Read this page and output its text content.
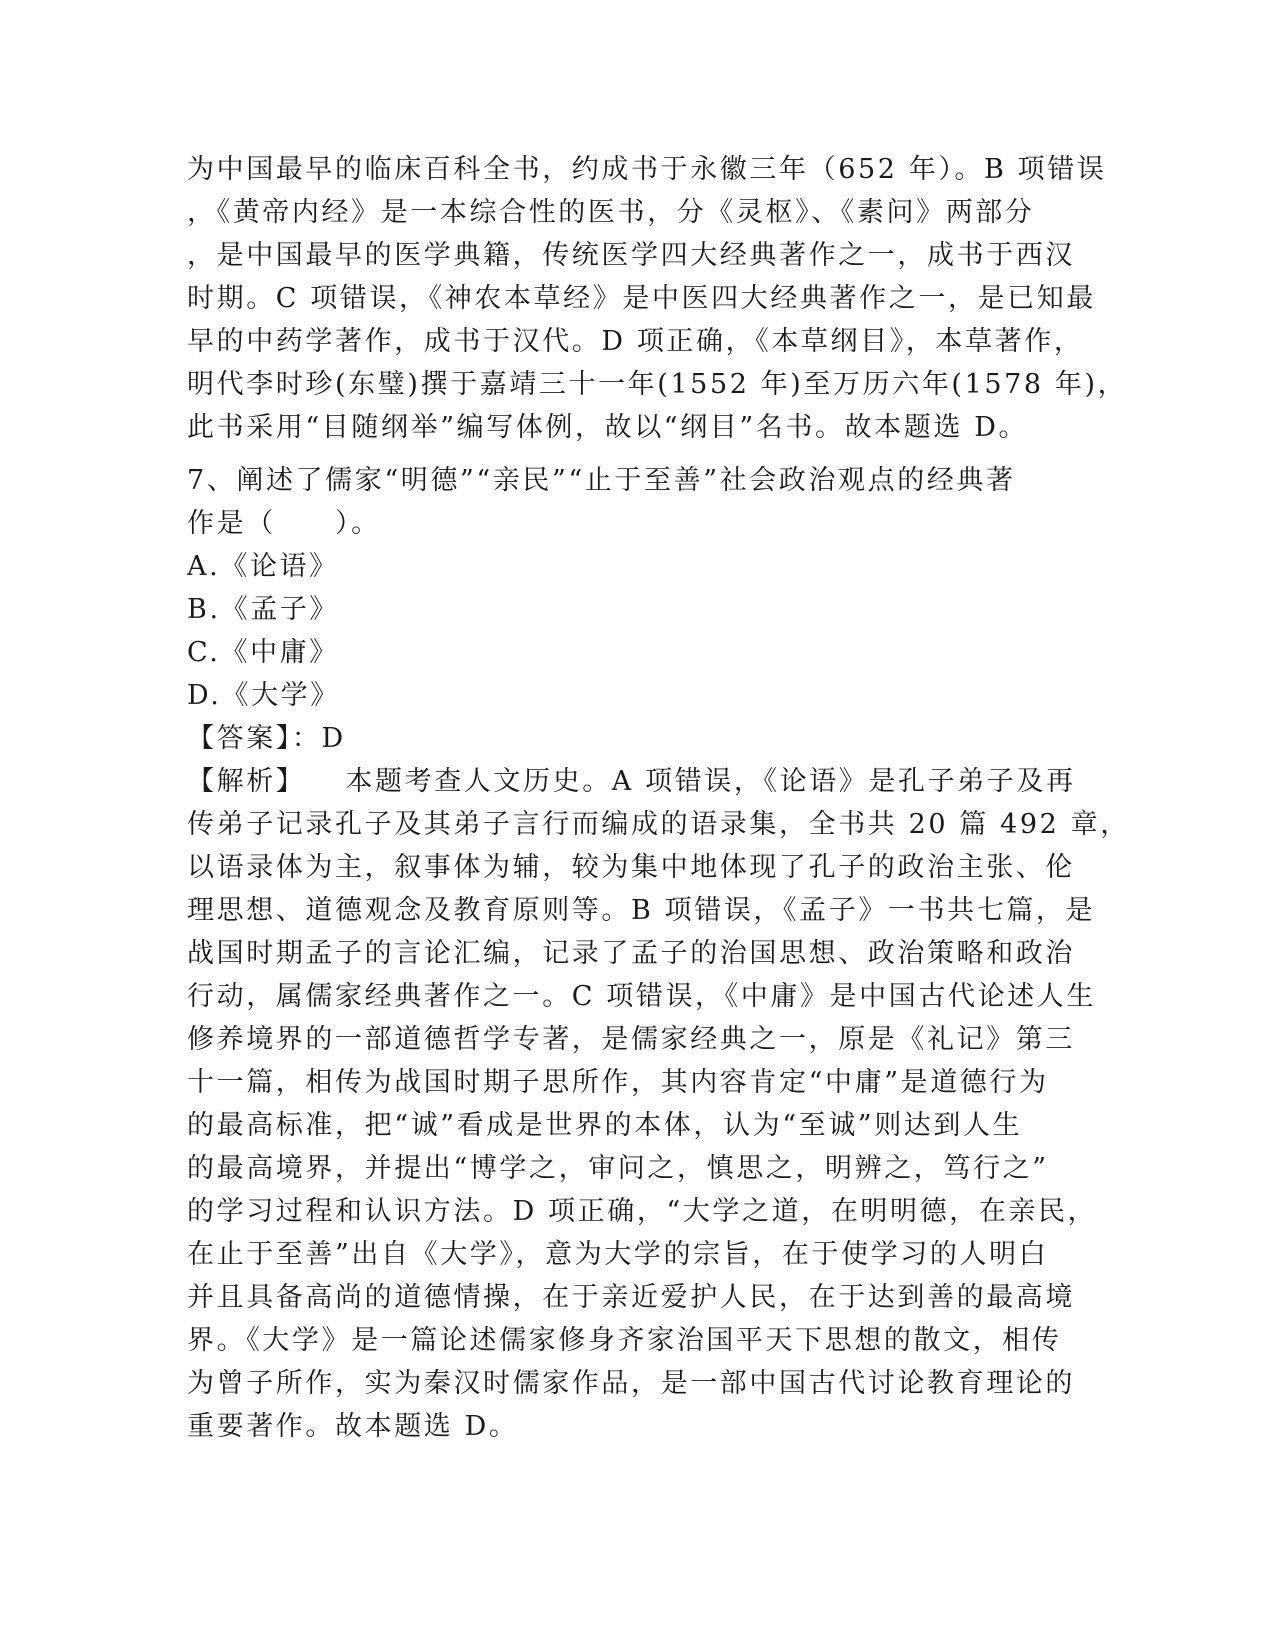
为中国最早的临床百科全书，约成书于永徽三年（652 年）。B 项错误

，《黄帝内经》是一本综合性的医书，分《灵枢》、《素问》两部分

，是中国最早的医学典籍，传统医学四大经典著作之一，成书于西汉

时期。C 项错误，《神农本草经》是中医四大经典著作之一，是已知最

早的中药学著作，成书于汉代。D 项正确，《本草纲目》，本草著作，

明代李时珍(东璧)撰于嘉靖三十一年(1552 年)至万历六年(1578 年)，

此书采用“目随纲举”编写体例，故以“纲目”名书。故本题选 D。

7、阐述了儒家“明德”“亲民”“止于至善”社会政治观点的经典著

作是（　　）。

A.《论语》

B.《孟子》

C.《中庸》

D.《大学》

【答案】：D

【解析】 本题考查人文历史。A 项错误，《论语》是孔子弟子及再

传弟子记录孔子及其弟子言行而编成的语录集，全书共 20 篇 492 章，

以语录体为主，叙事体为辅，较为集中地体现了孔子的政治主张、伦

理思想、道德观念及教育原则等。B 项错误，《孟子》一书共七篇，是

战国时期孟子的言论汇编，记录了孟子的治国思想、政治策略和政治

行动，属儒家经典著作之一。C 项错误，《中庸》是中国古代论述人生

修养境界的一部道德哲学专著，是儒家经典之一，原是《礼记》第三

十一篇，相传为战国时期子思所作，其内容肯定“中庸”是道德行为

的最高标准，把“诚”看成是世界的本体，认为“至诚”则达到人生

的最高境界，并提出“博学之，审问之，慎思之，明辨之，笃行之”

的学习过程和认识方法。D 项正确，“大学之道，在明明德，在亲民，

在止于至善”出自《大学》，意为大学的宗旨，在于使学习的人明白

并且具备高尚的道德情操，在于亲近爱护人民，在于达到善的最高境

界。《大学》是一篇论述儒家修身齐家治国平天下思想的散文，相传

为曾子所作，实为秦汉时儒家作品，是一部中国古代讨论教育理论的

重要著作。故本题选 D。
